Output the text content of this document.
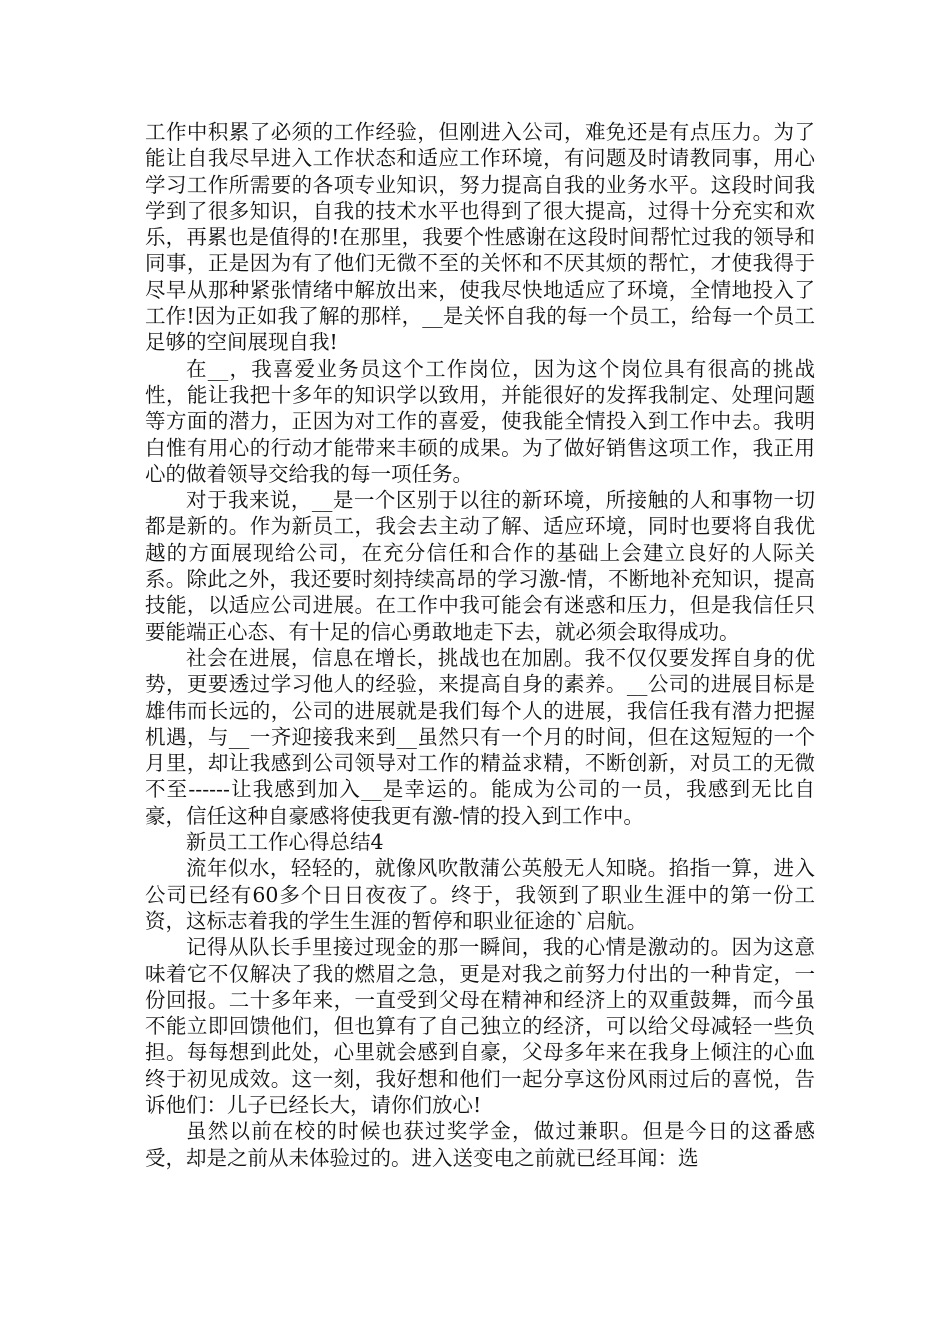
工作中积累了必须的工作经验，但刚进入公司，难免还是有点压力。为了能让自我尽早进入工作状态和适应工作环境，有问题及时请教同事，用心学习工作所需要的各项专业知识，努力提高自我的业务水平。这段时间我学到了很多知识，自我的技术水平也得到了很大提高，过得十分充实和欢乐，再累也是值得的!在那里，我要个性感谢在这段时间帮忙过我的领导和同事，正是因为有了他们无微不至的关怀和不厌其烦的帮忙，才使我得于尽早从那种紧张情绪中解放出来，使我尽快地适应了环境，全情地投入了工作!因为正如我了解的那样，__是关怀自我的每一个员工，给每一个员工足够的空间展现自我!

在__，我喜爱业务员这个工作岗位，因为这个岗位具有很高的挑战性，能让我把十多年的知识学以致用，并能很好的发挥我制定、处理问题等方面的潜力，正因为对工作的喜爱，使我能全情投入到工作中去。我明白惟有用心的行动才能带来丰硕的成果。为了做好销售这项工作，我正用心的做着领导交给我的每一项任务。

对于我来说，__是一个区别于以往的新环境，所接触的人和事物一切都是新的。作为新员工，我会去主动了解、适应环境，同时也要将自我优越的方面展现给公司，在充分信任和合作的基础上会建立良好的人际关系。除此之外，我还要时刻持续高昂的学习激-情，不断地补充知识，提高技能，以适应公司进展。在工作中我可能会有迷惑和压力，但是我信任只要能端正心态、有十足的信心勇敢地走下去，就必须会取得成功。

社会在进展，信息在增长，挑战也在加剧。我不仅仅要发挥自身的优势，更要透过学习他人的经验，来提高自身的素养。__公司的进展目标是雄伟而长远的，公司的进展就是我们每个人的进展，我信任我有潜力把握机遇，与__一齐迎接我来到__虽然只有一个月的时间，但在这短短的一个月里，却让我感到公司领导对工作的精益求精，不断创新，对员工的无微不至------让我感到加入__是幸运的。能成为公司的一员，我感到无比自豪，信任这种自豪感将使我更有激-情的投入到工作中。

新员工工作心得总结4

流年似水，轻轻的，就像风吹散蒲公英般无人知晓。掐指一算，进入公司已经有60多个日日夜夜了。终于，我领到了职业生涯中的第一份工资，这标志着我的学生生涯的暂停和职业征途的`启航。

记得从队长手里接过现金的那一瞬间，我的心情是激动的。因为这意味着它不仅解决了我的燃眉之急，更是对我之前努力付出的一种肯定，一份回报。二十多年来，一直受到父母在精神和经济上的双重鼓舞，而今虽不能立即回馈他们，但也算有了自己独立的经济，可以给父母减轻一些负担。每每想到此处，心里就会感到自豪，父母多年来在我身上倾注的心血终于初见成效。这一刻，我好想和他们一起分享这份风雨过后的喜悦，告诉他们：儿子已经长大，请你们放心!

虽然以前在校的时候也获过奖学金，做过兼职。但是今日的这番感受，却是之前从未体验过的。进入送变电之前就已经耳闻：选
